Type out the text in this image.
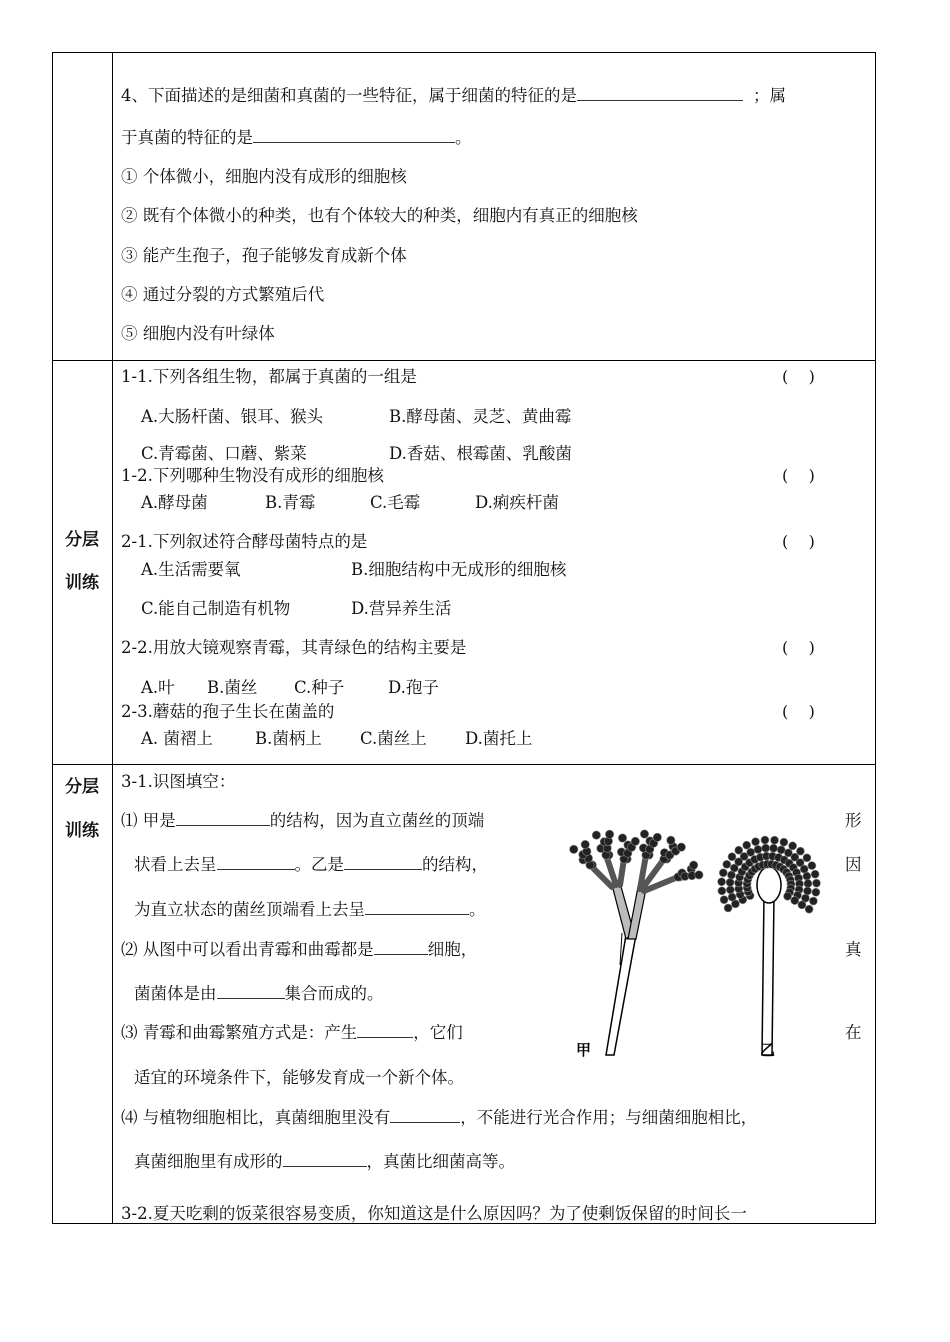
4、下面描述的是细菌和真菌的一些特征，属于细菌的特征的是	；属
于真菌的特征的是	。
① 个体微小，细胞内没有成形的细胞核
② 既有个体微小的种类，也有个体较大的种类，细胞内有真正的细胞核
③ 能产生孢子，孢子能够发育成新个体
④ 通过分裂的方式繁殖后代
⑤ 细胞内没有叶绿体
分层
训练
1-1.下列各组生物，都属于真菌的一组是	(    )
A.大肠杆菌、银耳、猴头	B.酵母菌、灵芝、黄曲霉
C.青霉菌、口蘑、紫菜	D.香菇、根霉菌、乳酸菌
1-2.下列哪种生物没有成形的细胞核	(    )
A.酵母菌	B.青霉	C.毛霉	D.痢疾杆菌
2-1.下列叙述符合酵母菌特点的是	(    )
A.生活需要氧	B.细胞结构中无成形的细胞核
C.能自己制造有机物	D.营异养生活
2-2.用放大镜观察青霉，其青绿色的结构主要是	(    )
A.叶 B.菌丝 C.种子	D.孢子
2-3.蘑菇的孢子生长在菌盖的	(    )
A. 菌褶上	B.菌柄上 C.菌丝上 D.菌托上
分层
训练
3-1.识图填空：
⑴ 甲是	的结构，因为直立菌丝的顶端	形
状看上去呈	。乙是	的结构，	因
为直立状态的菌丝顶端看上去呈	。
⑵ 从图中可以看出青霉和曲霉都是	细胞，	真
菌菌体是由	集合而成的。
⑶ 青霉和曲霉繁殖方式是：产生	，它们	在
适宜的环境条件下，能够发育成一个新个体。
⑷ 与植物细胞相比，真菌细胞里没有	，不能进行光合作用；与细菌细胞相比，
真菌细胞里有成形的	，真菌比细菌高等。
3-2.夏天吃剩的饭菜很容易变质，你知道这是什么原因吗？为了使剩饭保留的时间长一
甲	乙
